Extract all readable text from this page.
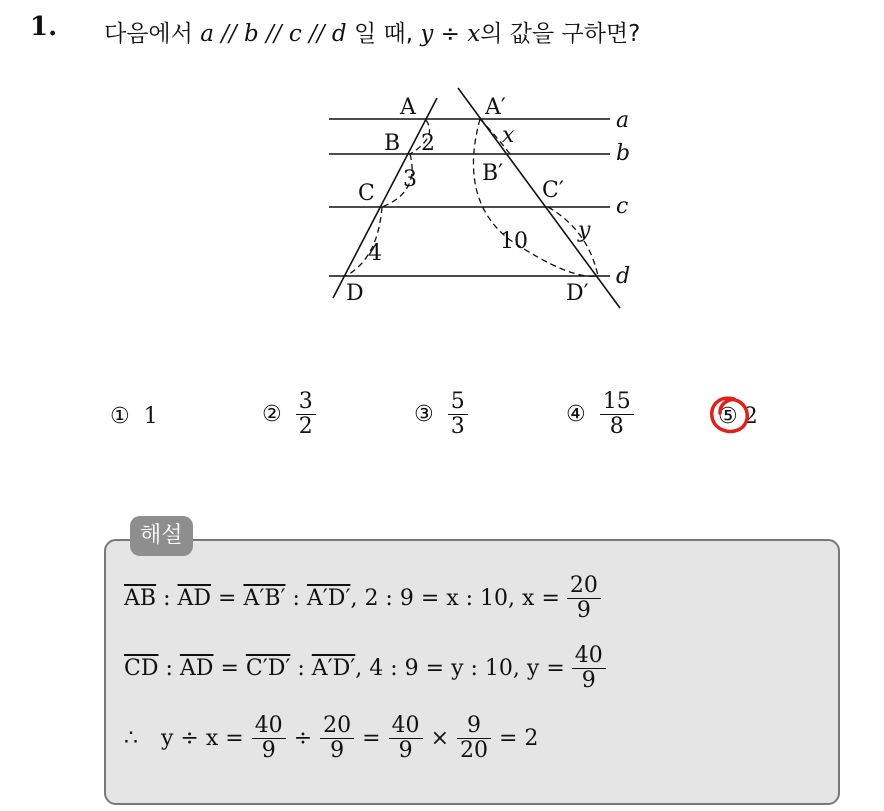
1. 다음에서 a // b // c // d 일 때, y ÷ x의 값을 구하면?
A	A′
B 2
B′
x
C
3	C′
y
4	10
D	D′
a
b
c
d
① 1	② $\frac{3}{2}$	③ $\frac{5}{3}$	④ $\frac{15}{8}$	⑤ 2
해설
$\overline{AB}$
:
$\overline{AD}$
=
A′B′
:
A′D′ , 2 : 9 = x : 10, x =
$\frac{20}{9}$
$\overline{CD}$
:
$\overline{AD}$
=
C′D′
:
A′D′ , 4 : 9 = y : 10, y =
$\frac{40}{9}$
∴
$y \div x = \frac{40}{9} \div \frac{20}{9} = \frac{40}{9} \times \frac{9}{20} = 2$
